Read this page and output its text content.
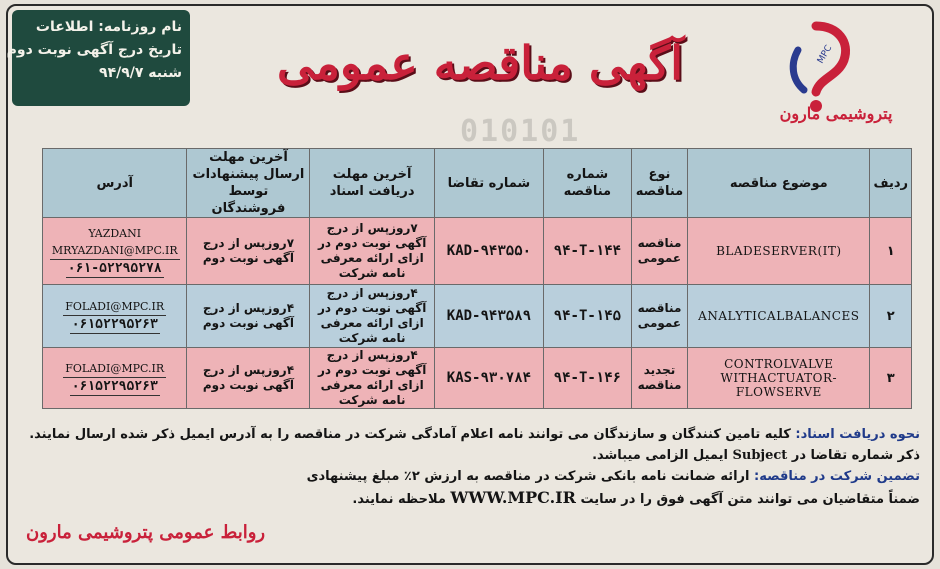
نام روزنامه: اطلاعات
تاریخ درج آگهی نوبت دوم
شنبه ۹۴/۹/۷	آگهی مناقصه عمومی	MPC
پتروشیمی مارون
010101
ردیف	موضوع مناقصه	نوع مناقصه	شماره مناقصه	شماره تقاضا	آخرین مهلت دریافت اسناد	آخرین مهلت ارسال پیشنهادات توسط فروشندگان	آدرس
۱	BLADESERVER(IT)	مناقصه عمومی	۹۴-T-۱۴۴	KAD-۹۴۳۵۵۰	۷روزپس از درج آگهی نوبت دوم در ازای ارائه معرفی نامه شرکت	۷روزپس از درج آگهی نوبت دوم	YAZDANI
MRYAZDANI@MPC.IR
۰۶۱-۵۲۲۹۵۲۷۸

۲	ANALYTICALBALANCES	مناقصه عمومی	۹۴-T-۱۴۵	KAD-۹۴۳۵۸۹	۴روزپس از درج آگهی نوبت دوم در ازای ارائه معرفی نامه شرکت	۴روزپس از درج آگهی نوبت دوم	FOLADI@MPC.IR
۰۶۱۵۲۲۹۵۲۶۳

۳	CONTROLVALVE WITHACTUATOR- FLOWSERVE	تجدید مناقصه	۹۴-T-۱۴۶	KAS-۹۳۰۷۸۴	۴روزپس از درج آگهی نوبت دوم در ازای ارائه معرفی نامه شرکت	۴روزپس از درج آگهی نوبت دوم	FOLADI@MPC.IR
۰۶۱۵۲۲۹۵۲۶۳
نحوه دریافت اسناد: کلیه تامین کنندگان و سازندگان می توانند نامه اعلام آمادگی شرکت در مناقصه را به آدرس ایمیل ذکر شده ارسال نمایند.
ذکر شماره تقاضا در Subject ایمیل الزامی میباشد.
تضمین شرکت در مناقصه: ارائه ضمانت نامه بانکی شرکت در مناقصه به ارزش ۲٪ مبلغ پیشنهادی
ضمناً متقاضیان می توانند متن آگهی فوق را در سایت WWW.MPC.IR ملاحظه نمایند.
روابط عمومی پتروشیمی مارون
